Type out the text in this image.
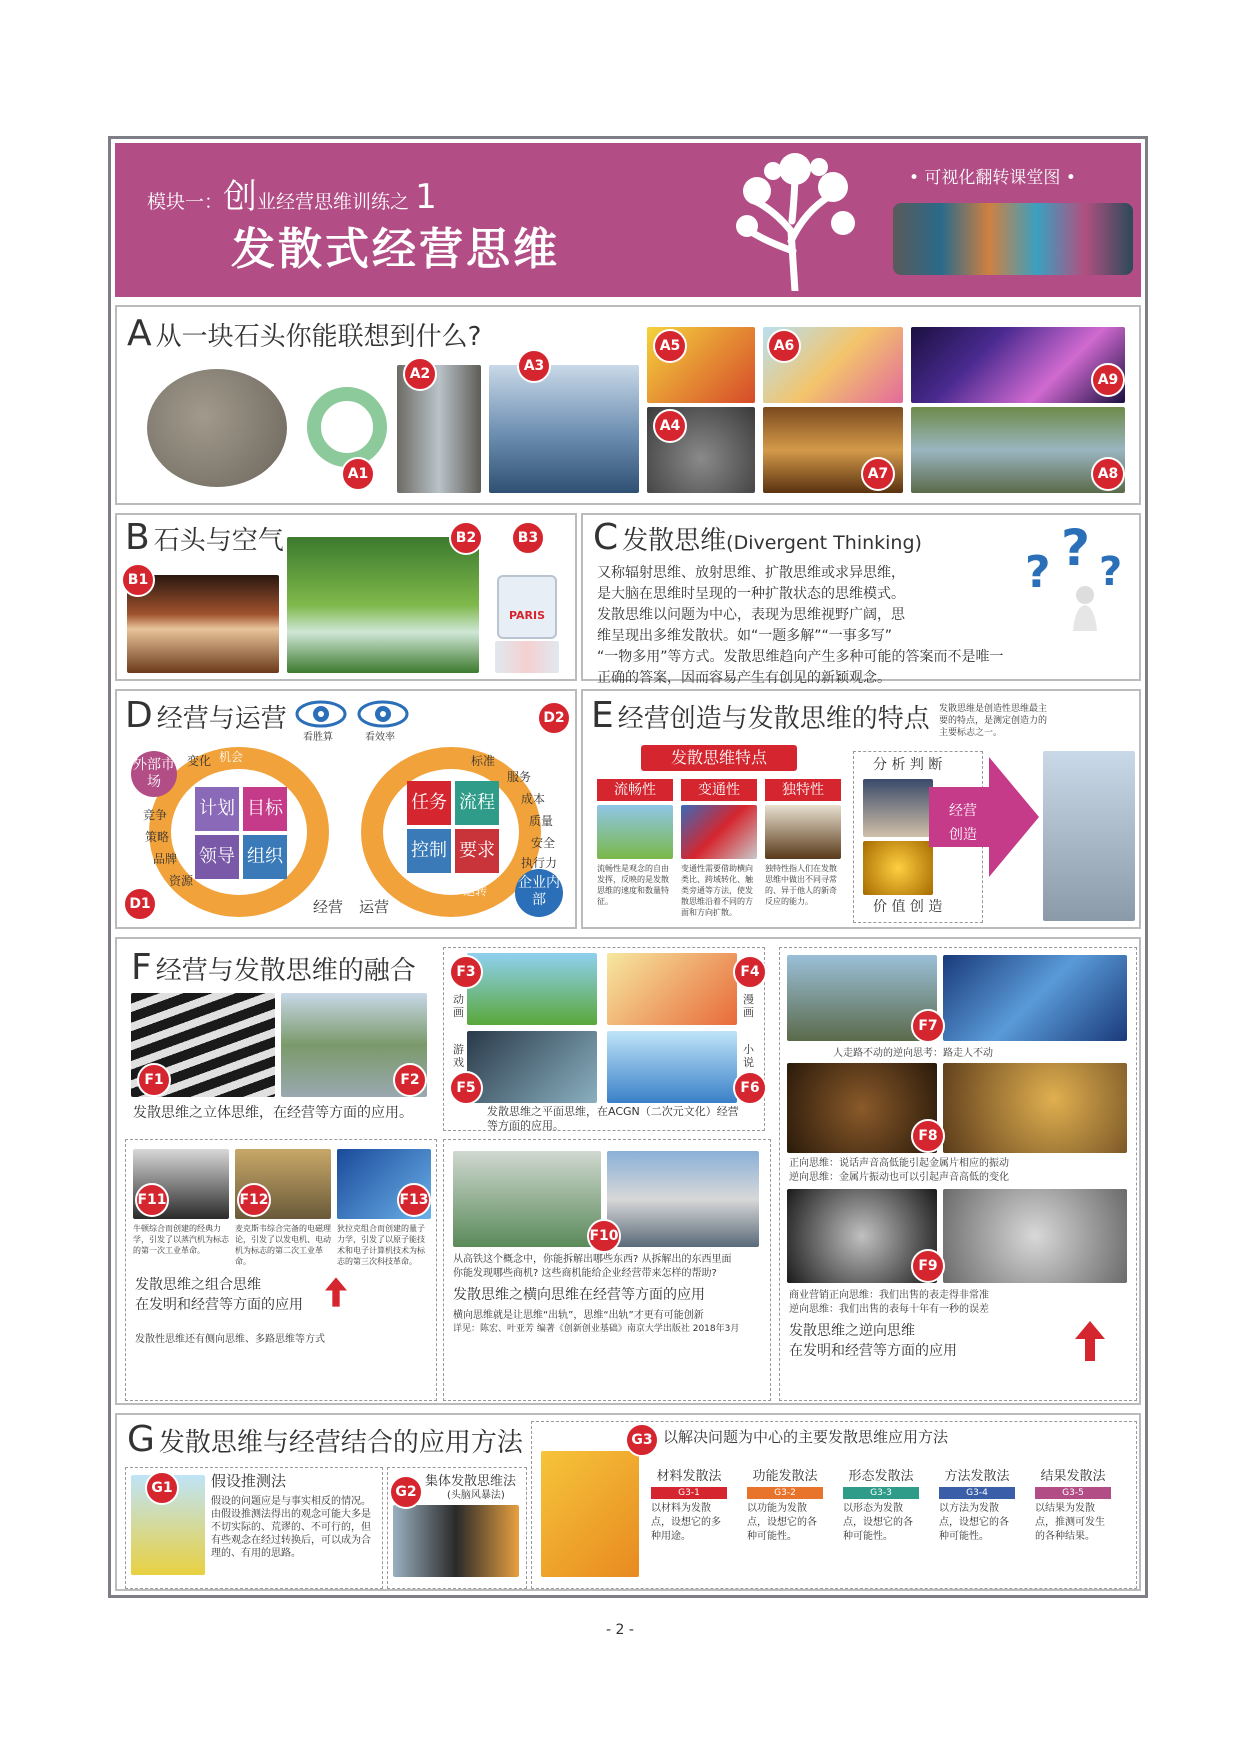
模块一：创业经营思维训练之 1
发散式经营思维
• 可视化翻转课堂图 •
A 从一块石头你能联想到什么?
A1
A2	A3
A4
A5	A6
A7	A8
A9
B 石头与空气
PARIS
B1
B2	B3 C 发散思维(Divergent Thinking)
又称辐射思维、放射思维、扩散思维或求异思维，
是大脑在思维时呈现的一种扩散状态的思维模式。
发散思维以问题为中心，表现为思维视野广阔，思
维呈现出多维发散状。如“一题多解”“一事多写”
“一物多用”等方式。发散思维趋向产生多种可能的答案而不是唯一
正确的答案，因而容易产生有创见的新颖观念。
? ? ?
D 经营与运营
看胜算	看效率
外部市场
企业内部
计划 目标
领导 组织
任务 流程
控制 要求
变化 机会
竞争
策略
品牌
资源
标准
服务
成本
质量
安全
执行力
运转
D1
D2
经营 运营
E 经营创造与发散思维的特点 发散思维是创造性思维最主要的特点，是测定创造力的主要标志之一。
发散思维特点
流畅性	变通性	独特性
流畅性是观念的自由发挥，反映的是发散思维的速度和数量特征。
变通性需要借助横向类比、跨域转化、触类旁通等方法，使发散思维沿着不同的方面和方向扩散。
独特性指人们在发散思维中做出不同寻常的、异于他人的新奇反应的能力。
分 析 判 断
价 值 创 造
经营
创造
F 经营与发散思维的融合
F1	F2
发散思维之立体思维，在经营等方面的应用。
动画
游戏
漫画
小说
F3	F4
F5	F6
发散思维之平面思维，在ACGN（二次元文化）经营等方面的应用。
F7
人走路不动的逆向思考：路走人不动
F8
正向思维：说话声音高低能引起金属片相应的振动
逆向思维：金属片振动也可以引起声音高低的变化
F9
商业营销正向思维：我们出售的表走得非常准
逆向思维：我们出售的表每十年有一秒的误差
发散思维之逆向思维
在发明和经营等方面的应用
F11	F12	F13
牛顿综合而创建的经典力学，引发了以蒸汽机为标志的第一次工业革命。
麦克斯韦综合完备的电磁理论，引发了以发电机、电动机为标志的第二次工业革命。
狄拉克组合而创建的量子力学，引发了以原子能技术和电子计算机技术为标志的第三次科技革命。
发散思维之组合思维
在发明和经营等方面的应用
发散性思维还有侧向思维、多路思维等方式
F10
从高铁这个概念中，你能拆解出哪些东西? 从拆解出的东西里面
你能发现哪些商机? 这些商机能给企业经营带来怎样的帮助?
发散思维之横向思维在经营等方面的应用
横向思维就是让思维“出轨”，思维“出轨”才更有可能创新
详见：陈宏、叶亚芳 编著《创新创业基础》南京大学出版社 2018年3月
G 发散思维与经营结合的应用方法
G1	假设推测法
假设的问题应是与事实相反的情况。由假设推测法得出的观念可能大多是不切实际的、荒谬的、不可行的，但有些观念在经过转换后，可以成为合理的、有用的思路。
G2
集体发散思维法
(头脑风暴法)
G3 以解决问题为中心的主要发散思维应用方法
材料发散法
G3-1
以材料为发散点，设想它的多种用途。
功能发散法
G3-2
以功能为发散点，设想它的各种可能性。
形态发散法
G3-3
以形态为发散点，设想它的各种可能性。
方法发散法
G3-4
以方法为发散点，设想它的各种可能性。
结果发散法
G3-5
以结果为发散点，推测可发生的各种结果。
- 2 -
